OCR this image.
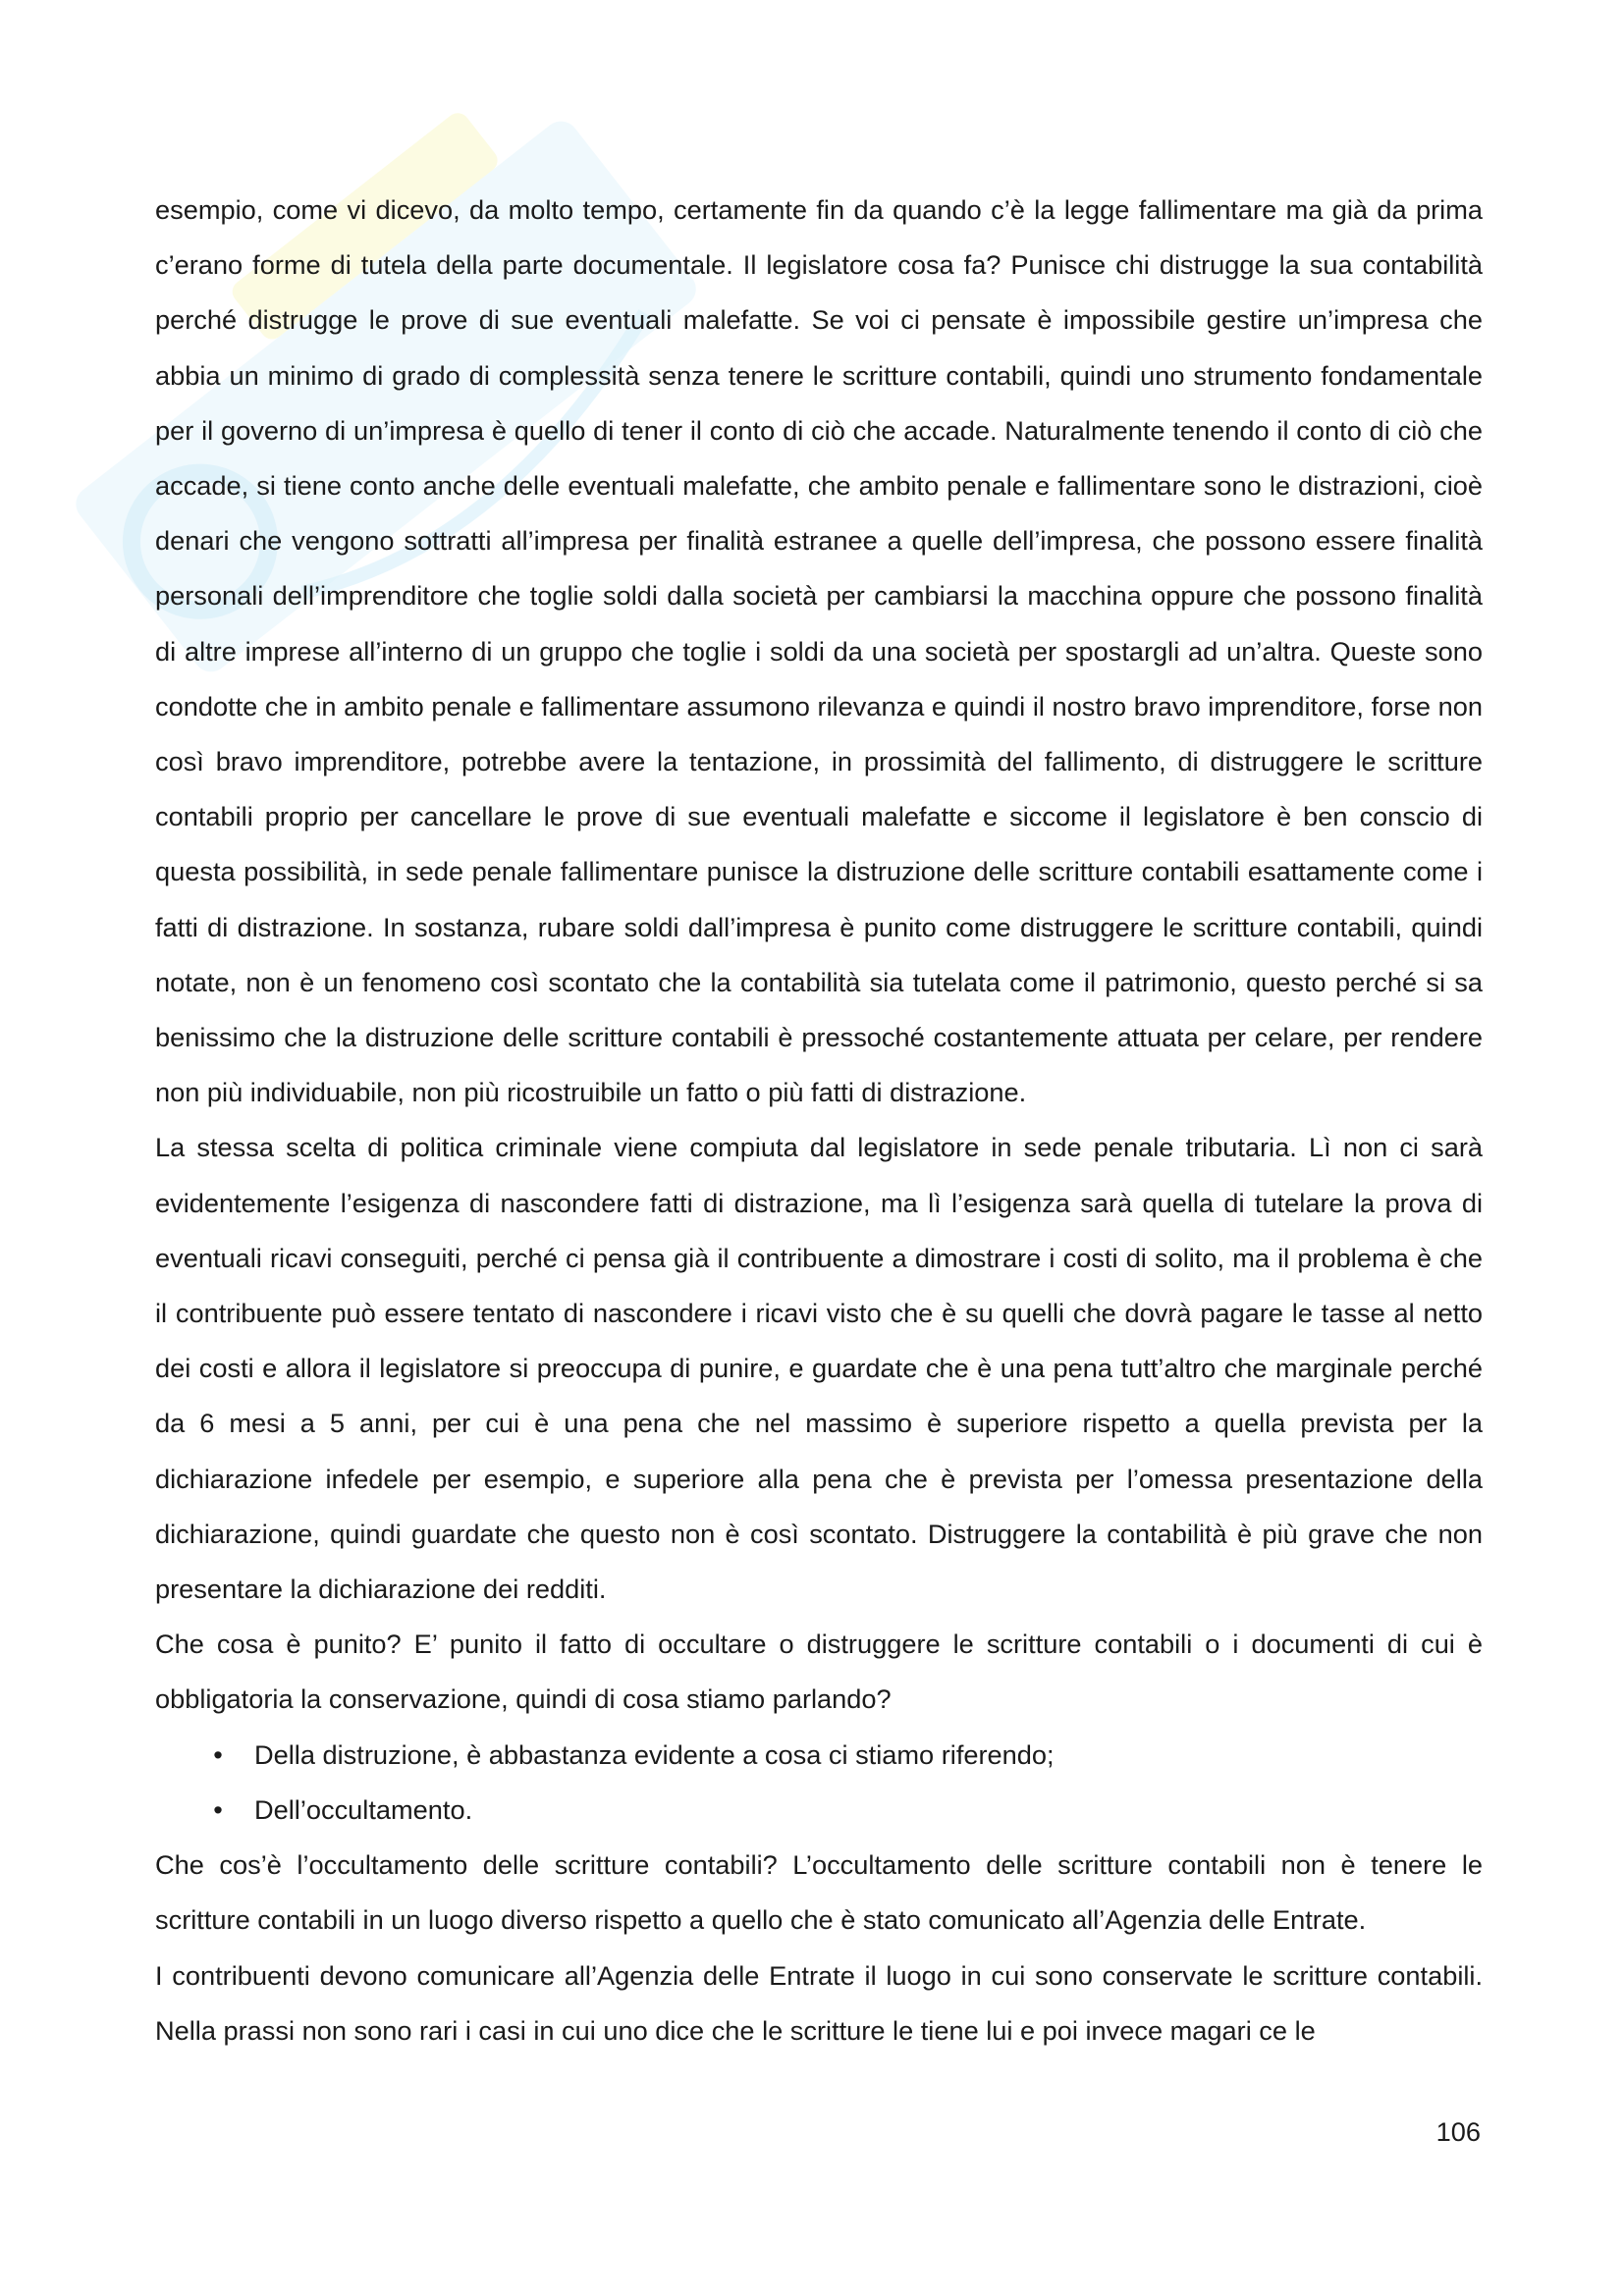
esempio, come vi dicevo, da molto tempo, certamente fin da quando c’è la legge fallimentare ma già da prima c’erano forme di tutela della parte documentale. Il legislatore cosa fa? Punisce chi distrugge la sua contabilità perché distrugge le prove di sue eventuali malefatte. Se voi ci pensate è impossibile gestire un’impresa che abbia un minimo di grado di complessità senza tenere le scritture contabili, quindi uno strumento fondamentale per il governo di un’impresa è quello di tener il conto di ciò che accade. Naturalmente tenendo il conto di ciò che accade, si tiene conto anche delle eventuali malefatte, che ambito penale e fallimentare sono le distrazioni, cioè denari che vengono sottratti all’impresa per finalità estranee a quelle dell’impresa, che possono essere finalità personali dell’imprenditore che toglie soldi dalla società per cambiarsi la macchina oppure che possono finalità di altre imprese all’interno di un gruppo che toglie i soldi da una società per spostargli ad un’altra. Queste sono condotte che in ambito penale e fallimentare assumono rilevanza e quindi il nostro bravo imprenditore, forse non così bravo imprenditore, potrebbe avere la tentazione, in prossimità del fallimento, di distruggere le scritture contabili proprio per cancellare le prove di sue eventuali malefatte e siccome il legislatore è ben conscio di questa possibilità, in sede penale fallimentare punisce la distruzione delle scritture contabili esattamente come i fatti di distrazione. In sostanza, rubare soldi dall’impresa è punito come distruggere le scritture contabili, quindi notate, non è un fenomeno così scontato che la contabilità sia tutelata come il patrimonio, questo perché si sa benissimo che la distruzione delle scritture contabili è pressoché costantemente attuata per celare, per rendere non più individuabile, non più ricostruibile un fatto o più fatti di distrazione.

La stessa scelta di politica criminale viene compiuta dal legislatore in sede penale tributaria. Lì non ci sarà evidentemente l’esigenza di nascondere fatti di distrazione, ma lì l’esigenza sarà quella di tutelare la prova di eventuali ricavi conseguiti, perché ci pensa già il contribuente a dimostrare i costi di solito, ma il problema è che il contribuente può essere tentato di nascondere i ricavi visto che è su quelli che dovrà pagare le tasse al netto dei costi e allora il legislatore si preoccupa di punire, e guardate che è una pena tutt’altro che marginale perché da 6 mesi a 5 anni, per cui è una pena che nel massimo è superiore rispetto a quella prevista per la dichiarazione infedele per esempio, e superiore alla pena che è prevista per l’omessa presentazione della dichiarazione, quindi guardate che questo non è così scontato. Distruggere la contabilità è più grave che non presentare la dichiarazione dei redditi.

Che cosa è punito? E’ punito il fatto di occultare o distruggere le scritture contabili o i documenti di cui è obbligatoria la conservazione, quindi di cosa stiamo parlando?

• Della distruzione, è abbastanza evidente a cosa ci stiamo riferendo;
• Dell’occultamento.

Che cos’è l’occultamento delle scritture contabili? L’occultamento delle scritture contabili non è tenere le scritture contabili in un luogo diverso rispetto a quello che è stato comunicato all’Agenzia delle Entrate.

I contribuenti devono comunicare all’Agenzia delle Entrate il luogo in cui sono conservate le scritture contabili. Nella prassi non sono rari i casi in cui uno dice che le scritture le tiene lui e poi invece magari ce le

106
